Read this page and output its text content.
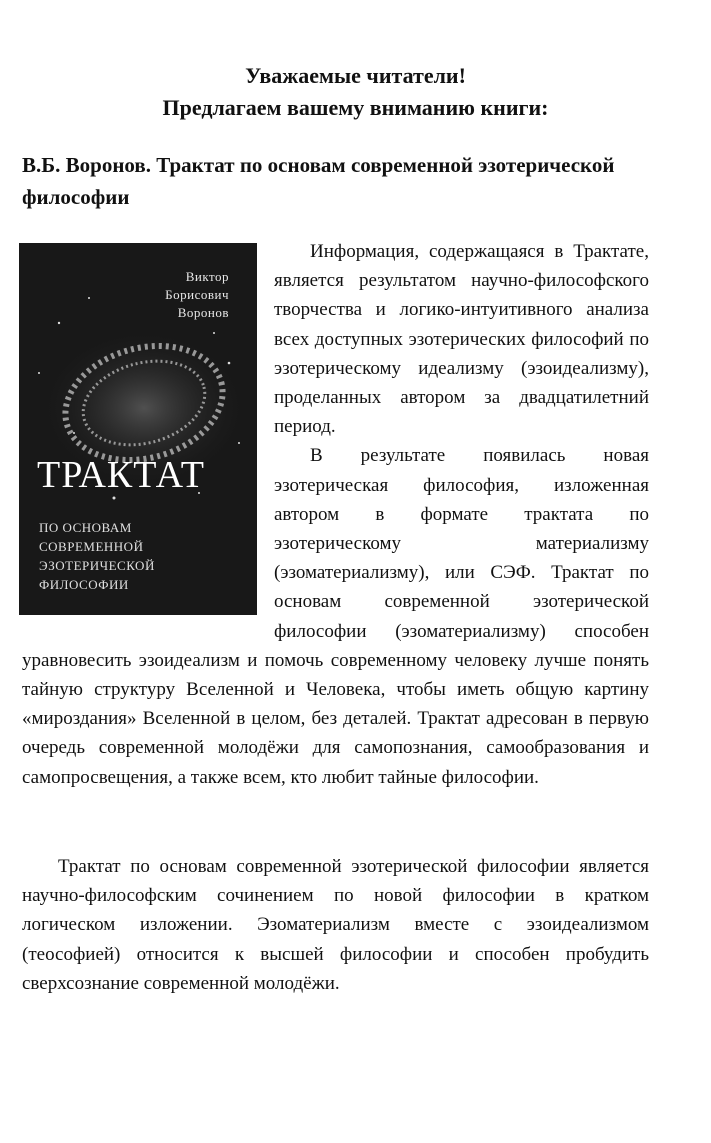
Уважаемые читатели!
Предлагаем вашему вниманию книги:
В.Б. Воронов. Трактат по основам современной эзотерической философии
Виктор
Борисович
Воронов
ТРАКТАТ
ПО ОСНОВАМ
СОВРЕМЕННОЙ
ЭЗОТЕРИЧЕСКОЙ
ФИЛОСОФИИ

Информация, содержащаяся в Трактате, является результатом научно-философского творчества и логико-интуитивного анализа всех доступных эзотерических философий по эзотерическому идеализму (эзоидеализму), проделанных автором за двадцатилетний период.

В результате появилась новая эзотерическая философия, изложенная автором в формате трактата по эзотерическому материализму (эзоматериализму), или СЭФ. Трактат по основам современной эзотерической философии (эзоматериализму) способен уравновесить эзоидеализм и помочь современному человеку лучше понять тайную структуру Вселенной и Человека, чтобы иметь общую картину «мироздания» Вселенной в целом, без деталей. Трактат адресован в первую очередь современной молодёжи для самопознания, самообразования и самопросвещения, а также всем, кто любит тайные философии.

Трактат по основам современной эзотерической философии является научно-философским сочинением по новой философии в кратком логическом изложении. Эзоматериализм вместе с эзоидеализмом (теософией) относится к высшей философии и способен пробудить сверхсознание современной молодёжи.
